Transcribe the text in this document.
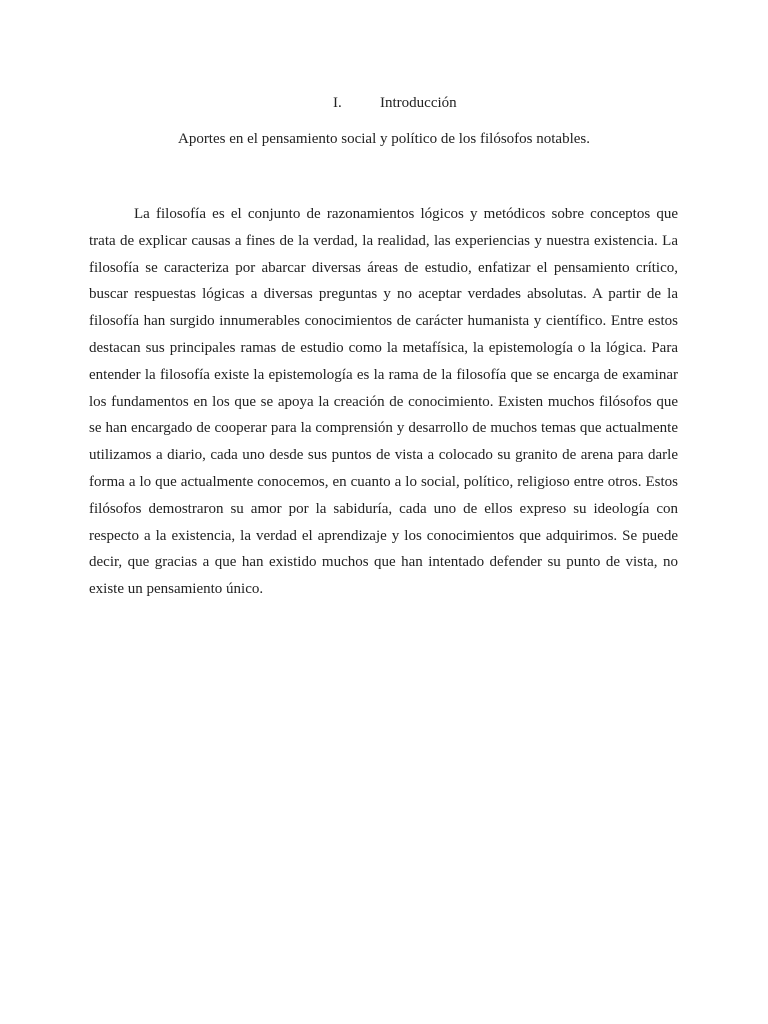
I.	Introducción
Aportes en el pensamiento social y político de los filósofos notables.

La filosofía es el conjunto de razonamientos lógicos y metódicos sobre conceptos que trata de explicar causas a fines de la verdad, la realidad, las experiencias y nuestra existencia. La filosofía se caracteriza por abarcar diversas áreas de estudio, enfatizar el pensamiento crítico, buscar respuestas lógicas a diversas preguntas y no aceptar verdades absolutas. A partir de la filosofía han surgido innumerables conocimientos de carácter humanista y científico. Entre estos destacan sus principales ramas de estudio como la metafísica, la epistemología o la lógica. Para entender la filosofía existe la epistemología es la rama de la filosofía que se encarga de examinar los fundamentos en los que se apoya la creación de conocimiento. Existen muchos filósofos que se han encargado de cooperar para la comprensión y desarrollo de muchos temas que actualmente utilizamos a diario, cada uno desde sus puntos de vista a colocado su granito de arena para darle forma a lo que actualmente conocemos, en cuanto a lo social, político, religioso entre otros. Estos filósofos demostraron su amor por la sabiduría, cada uno de ellos expreso su ideología con respecto a la existencia, la verdad el aprendizaje y los conocimientos que adquirimos. Se puede decir, que gracias a que han existido muchos que han intentado defender su punto de vista, no existe un pensamiento único.
